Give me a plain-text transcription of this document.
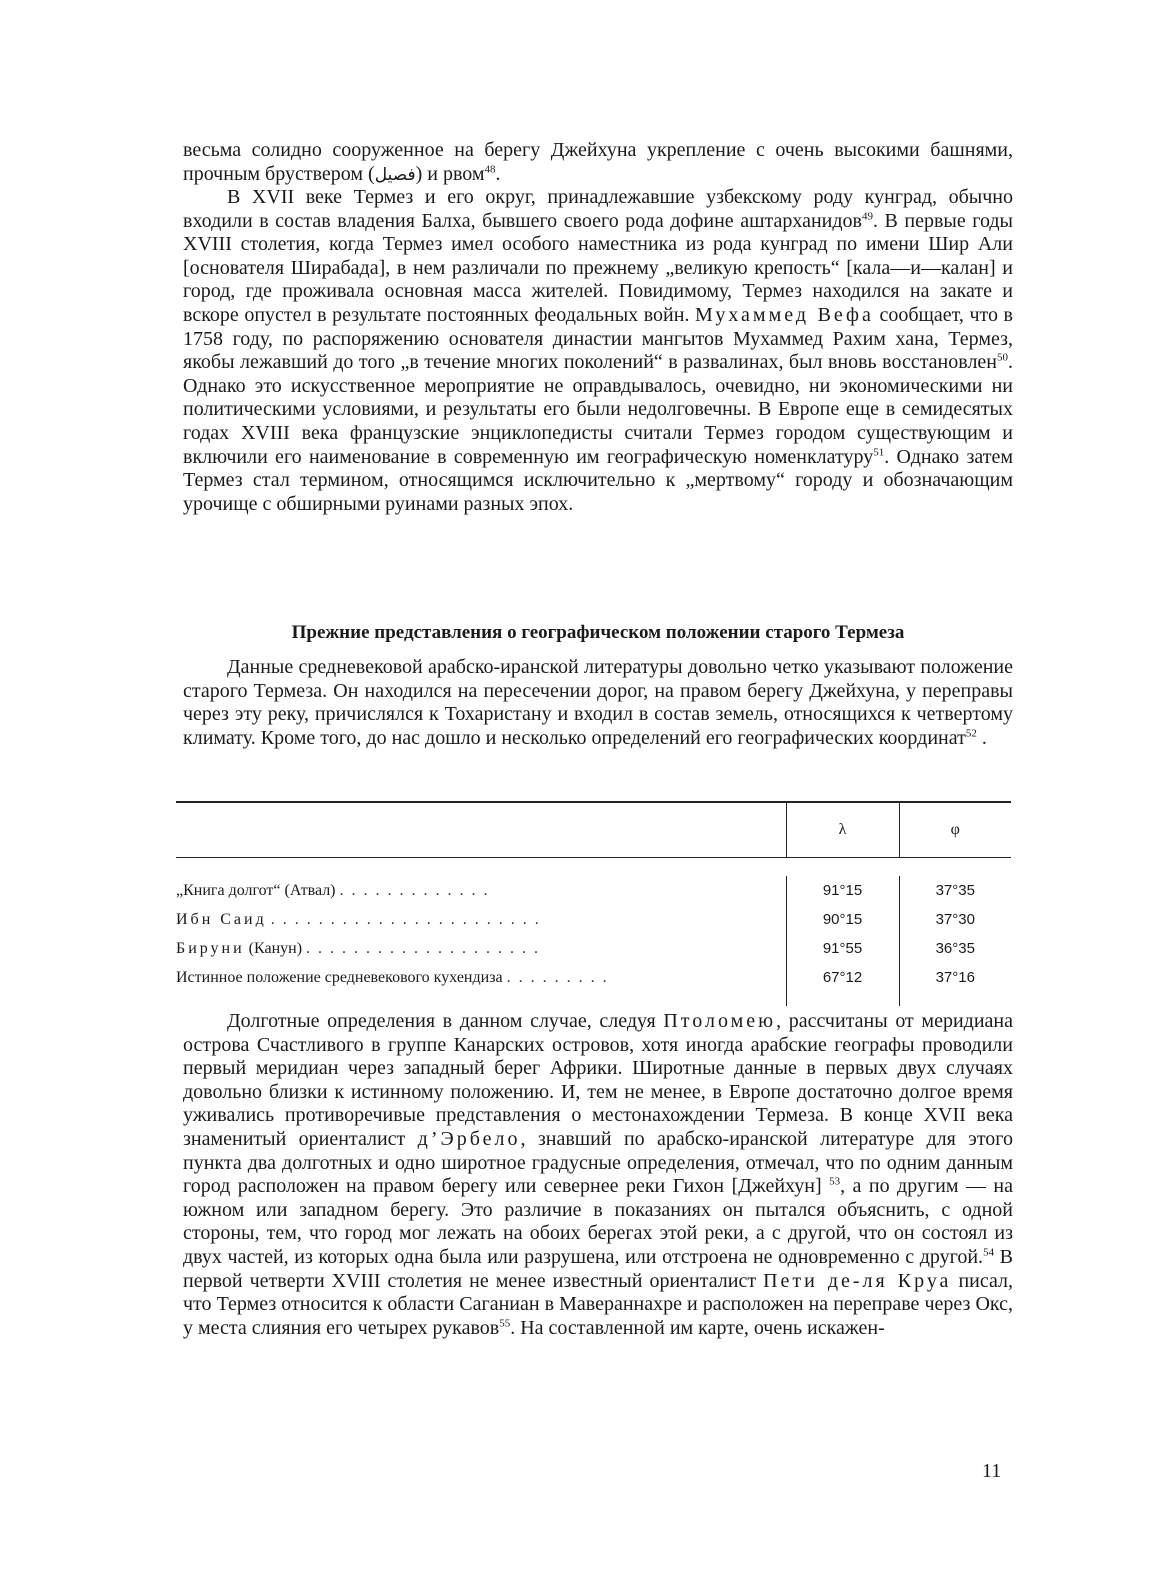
весьма солидно сооруженное на берегу Джейхуна укрепление с очень высокими башнями, прочным бруствером (فصيل) и рвом$^{48}$.

В XVII веке Термез и его округ, принадлежавшие узбекскому роду кунград, обычно входили в состав владения Балха, бывшего своего рода дофине аштарханидов$^{49}$. В первые годы XVIII столетия, когда Термез имел особого наместника из рода кунград по имени Шир Али [основателя Ширабада], в нем различали по прежнему „великую крепость“ [кала—и—калан] и город, где проживала основная масса жителей. Повидимому, Термез находился на закате и вскоре опустел в результате постоянных феодальных войн. Мухаммед Вефа сообщает, что в 1758 году, по распоряжению основателя династии мангытов Мухаммед Рахим хана, Термез, якобы лежавший до того „в течение многих поколений“ в развалинах, был вновь восстановлен$^{50}$. Однако это искусственное мероприятие не оправдывалось, очевидно, ни экономическими ни политическими условиями, и результаты его были недолговечны. В Европе еще в семидесятых годах XVIII века французские энциклопедисты считали Термез городом существующим и включили его наименование в современную им географическую номенклатуру$^{51}$. Однако затем Термез стал термином, относящимся исключительно к „мертвому“ городу и обозначающим урочище с обширными руинами разных эпох.

Прежние представления о географическом положении старого Термеза

Данные средневековой арабско-иранской литературы довольно четко указывают положение старого Термеза. Он находился на пересечении дорог, на правом берегу Джейхуна, у переправы через эту реку, причислялся к Тохаристану и входил в состав земель, относящихся к четвертому климату. Кроме того, до нас дошло и несколько определений его географических координат$^{52}$ .

	λ	φ

„Книга долгот“ (Атвал) . . . . . . . . . . . . .	91°15	37°35
Ибн Саид . . . . . . . . . . . . . . . . . . . . . . .	90°15	37°30
Бируни (Канун) . . . . . . . . . . . . . . . . . . . .	91°55	36°35
Истинное положение средневекового кухендиза . . . . . . . . .	67°12	37°16

Долготные определения в данном случае, следуя Птоломею, рассчитаны от меридиана острова Счастливого в группе Канарских островов, хотя иногда арабские географы проводили первый меридиан через западный берег Африки. Широтные данные в первых двух случаях довольно близки к истинному положению. И, тем не менее, в Европе достаточно долгое время уживались противоречивые представления о местонахождении Термеза. В конце XVII века знаменитый ориенталист д’Эрбело, знавший по арабско-иранской литературе для этого пункта два долготных и одно широтное градусные определения, отмечал, что по одним данным город расположен на правом берегу или севернее реки Гихон [Джейхун] $^{53}$, а по другим — на южном или западном берегу. Это различие в показаниях он пытался объяснить, с одной стороны, тем, что город мог лежать на обоих берегах этой реки, а с другой, что он состоял из двух частей, из которых одна была или разрушена, или отстроена не одновременно с другой.$^{54}$ В первой четверти XVIII столетия не менее известный ориенталист Пети де-ля Круа писал, что Термез относится к области Саганиан в Мавераннахре и расположен на переправе через Окс, у места слияния его четырех рукавов$^{55}$. На составленной им карте, очень искажен-

11
